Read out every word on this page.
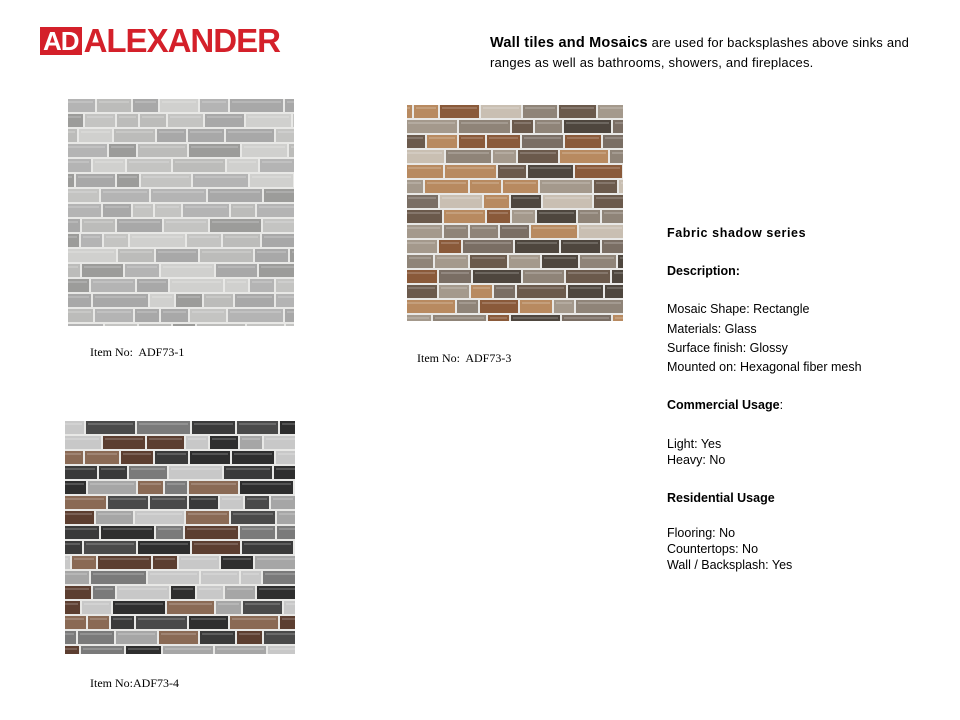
AD ALEXANDER	Wall tiles and Mosaics are used for backsplashes above sinks and ranges as well as bathrooms, showers, and fireplaces.
Item No:  ADF73-1	Item No:  ADF73-3
Item No:ADF73-4
Fabric shadow series
Description:
Mosaic Shape: Rectangle
Materials: Glass
Surface finish: Glossy
Mounted on: Hexagonal fiber mesh
Commercial Usage:
Light: Yes
Heavy: No
Residential Usage
Flooring: No
Countertops: No
Wall / Backsplash: Yes
